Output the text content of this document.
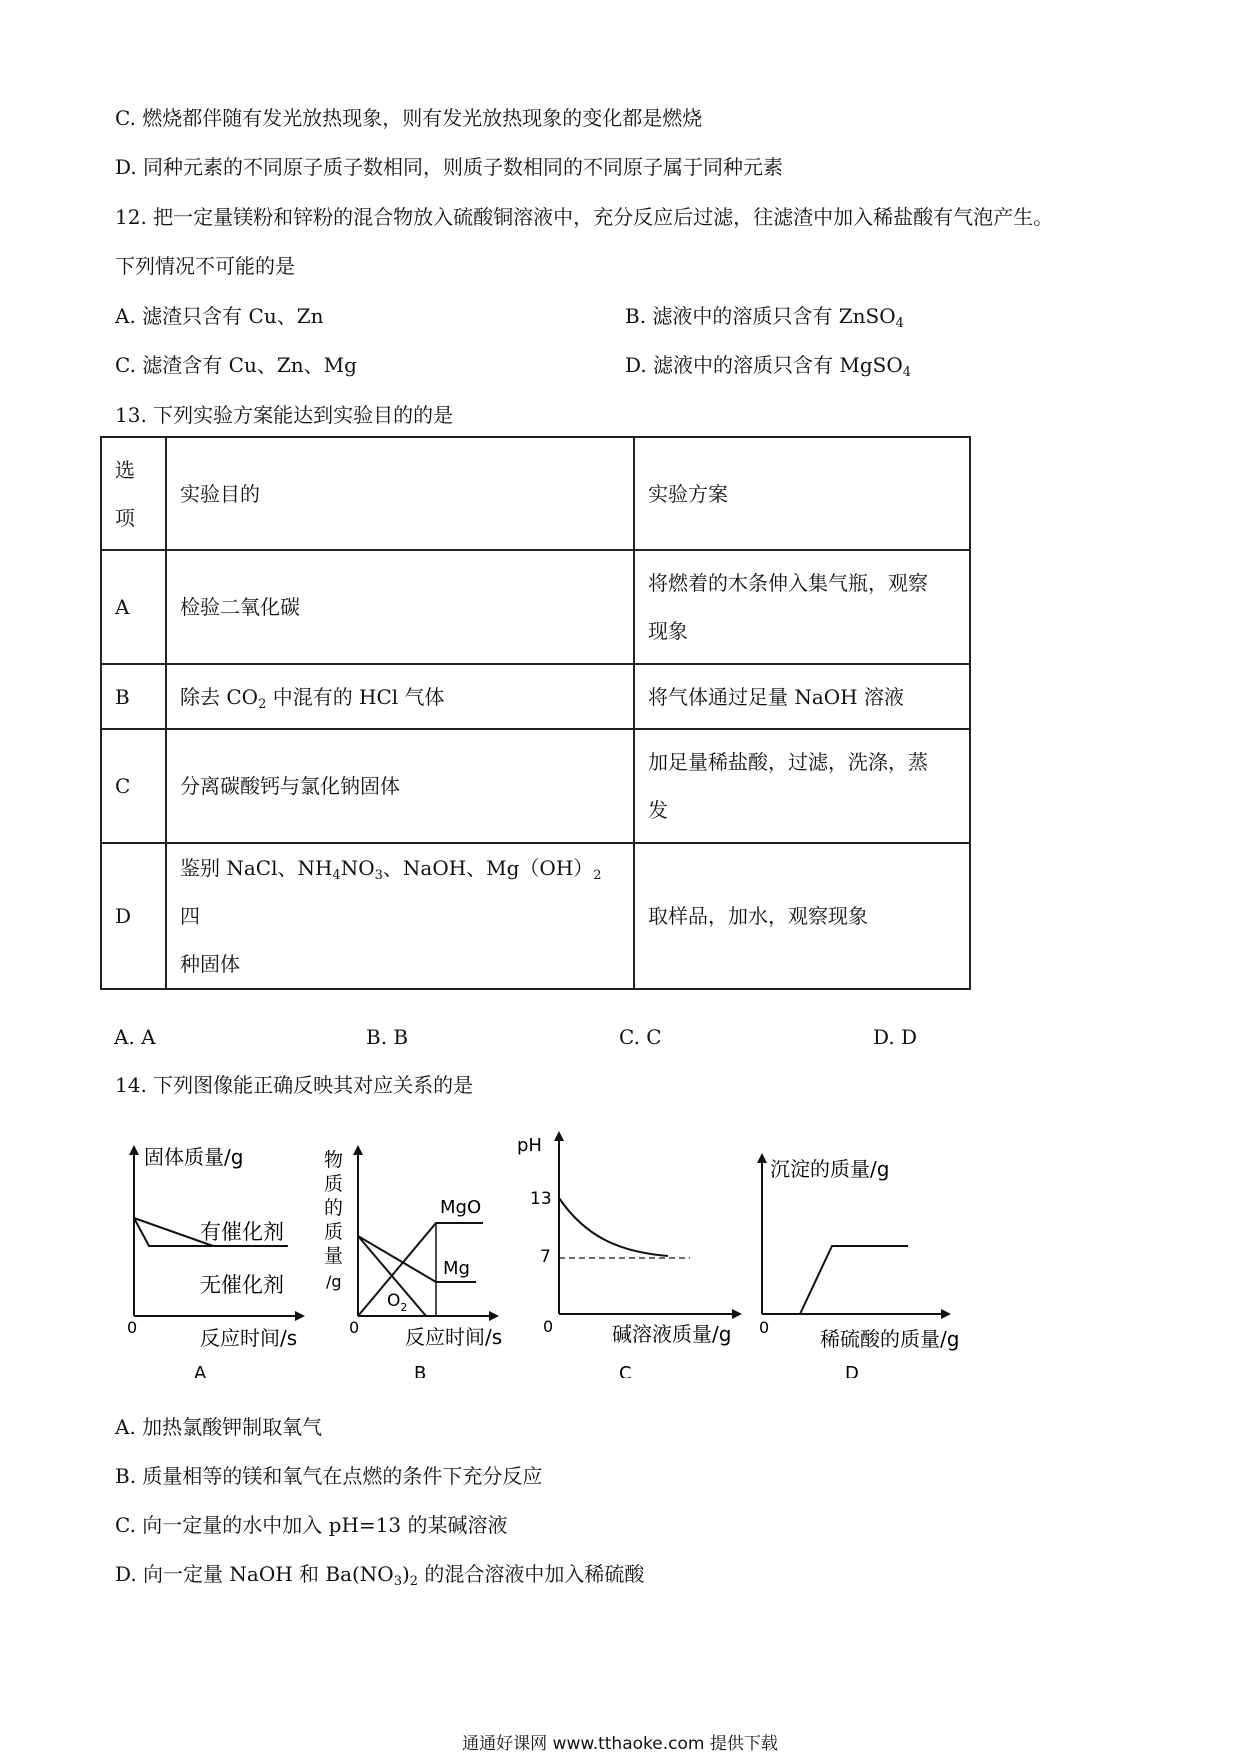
C. 燃烧都伴随有发光放热现象，则有发光放热现象的变化都是燃烧
D. 同种元素的不同原子质子数相同，则质子数相同的不同原子属于同种元素
12. 把一定量镁粉和锌粉的混合物放入硫酸铜溶液中，充分反应后过滤，往滤渣中加入稀盐酸有气泡产生。
下列情况不可能的是
A. 滤渣只含有 Cu、Zn	B. 滤液中的溶质只含有 ZnSO$_4$
C. 滤渣含有 Cu、Zn、Mg	D. 滤液中的溶质只含有 MgSO$_4$
13. 下列实验方案能达到实验目的的是
选
项	实验目的	实验方案
A	检验二氧化碳	将燃着的木条伸入集气瓶，观察
现象
B	除去 $CO_2$ 中混有的 HCl 气体	将气体通过足量 NaOH 溶液
C	分离碳酸钙与氯化钠固体	加足量稀盐酸，过滤，洗涤，蒸
发
D	鉴别 NaCl、$NH_4NO_3$、NaOH、$Mg(OH)_2$四
种固体	取样品，加水，观察现象
A. A	B. B	C. C	D. D
14. 下列图像能正确反映其对应关系的是
固体质量/g
反应时间/s
0
有催化剂
无催化剂
A
物
质
的
质
量
/g
反应时间/s
0
MgO
Mg
$O_2$
B
pH
碱溶液质量/g
0
13
7
C
沉淀的质量/g
稀硫酸的质量/g
0
D
A. 加热氯酸钾制取氧气
B. 质量相等的镁和氧气在点燃的条件下充分反应
C. 向一定量的水中加入 pH=13 的某碱溶液
D. 向一定量 NaOH 和 $Ba(NO_3)_2$ 的混合溶液中加入稀硫酸
通通好课网 www.tthaoke.com 提供下载
